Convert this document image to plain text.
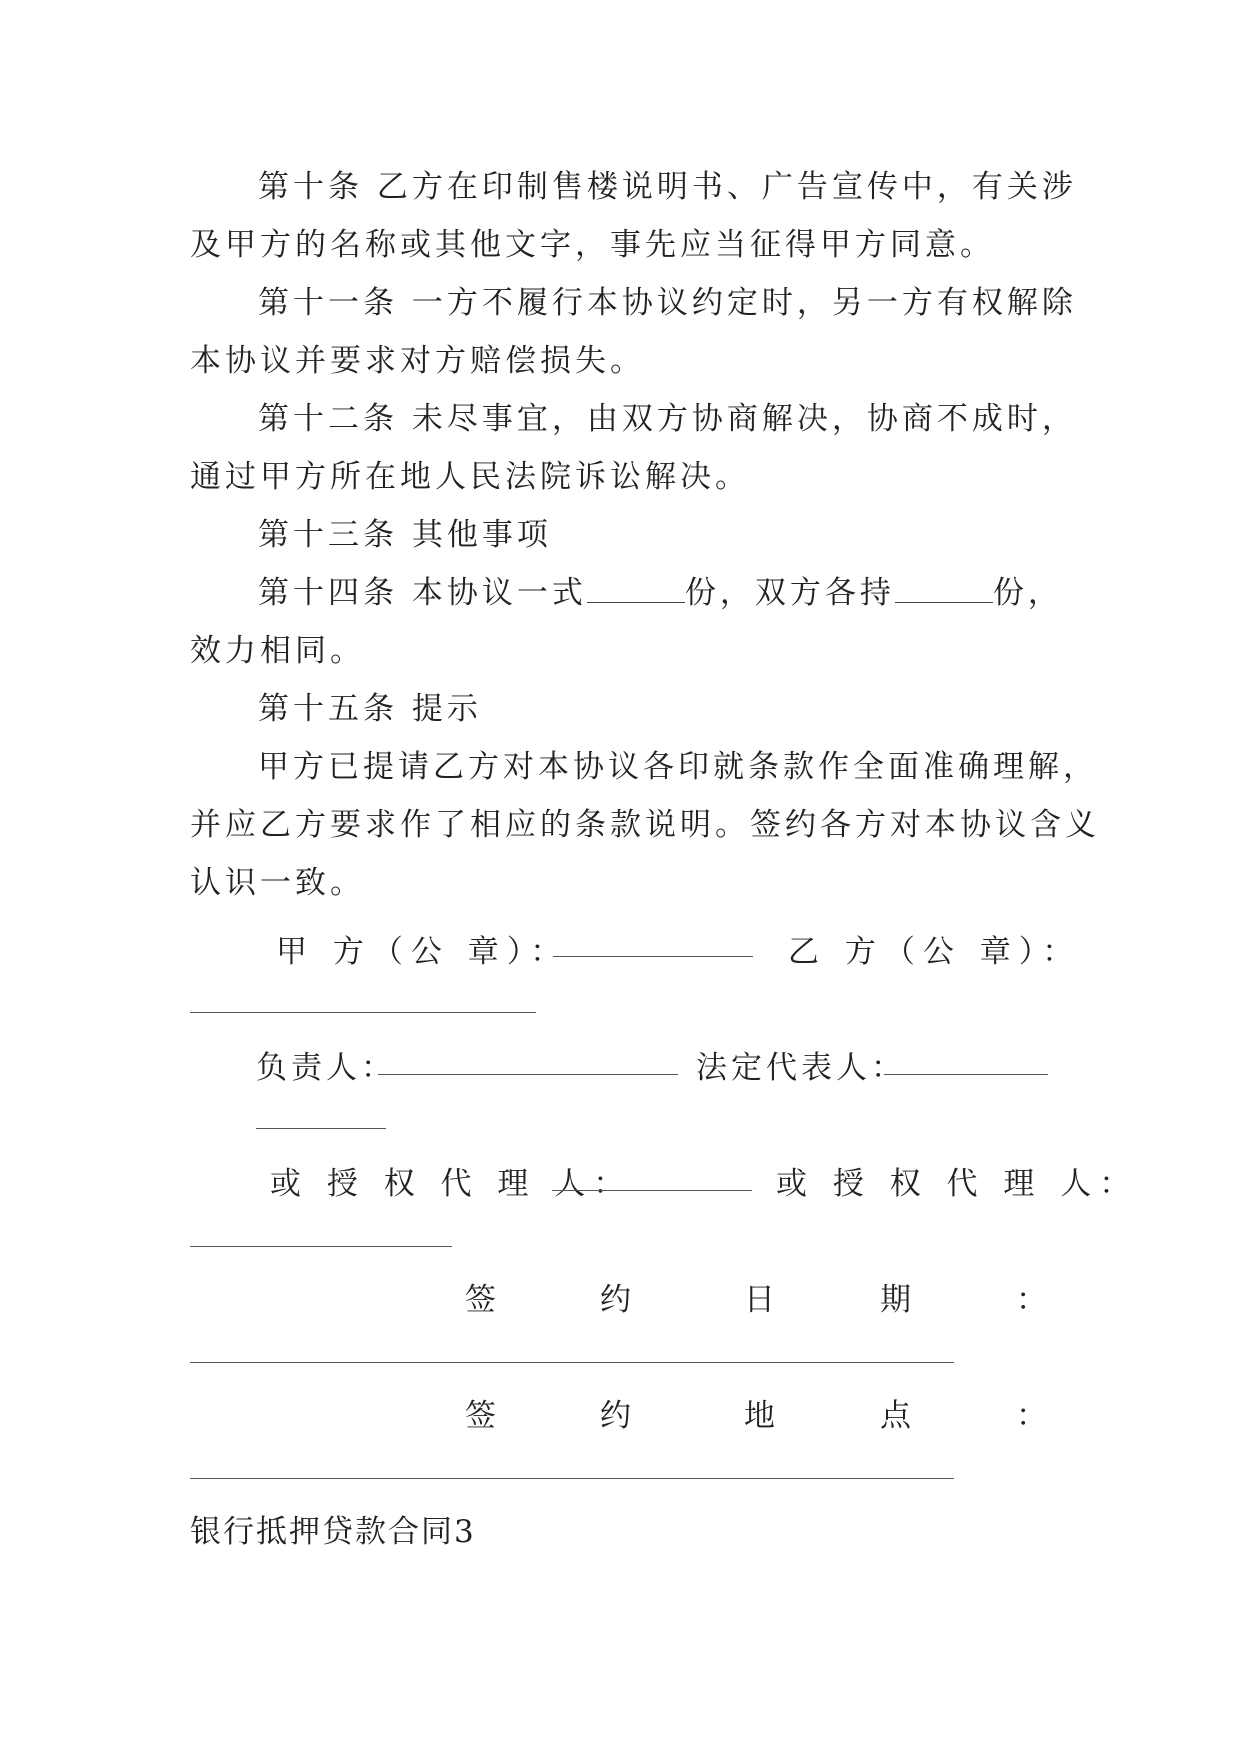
第十条 乙方在印制售楼说明书、广告宣传中，有关涉
及甲方的名称或其他文字，事先应当征得甲方同意。
第十一条 一方不履行本协议约定时，另一方有权解除
本协议并要求对方赔偿损失。
第十二条 未尽事宜，由双方协商解决，协商不成时，
通过甲方所在地人民法院诉讼解决。
第十三条 其他事项
第十四条 本协议一式	份，双方各持	份，
效力相同。
第十五条 提示
甲方已提请乙方对本协议各印就条款作全面准确理解，
并应乙方要求作了相应的条款说明。签约各方对本协议含义
认识一致。
甲 方（公 章）：	乙 方（公 章）：
负责人：	法定代表人：
或 授 权 代 理 人：	或 授 权 代 理 人：
签	约	日	期	：
签	约	地	点	：
银行抵押贷款合同3
